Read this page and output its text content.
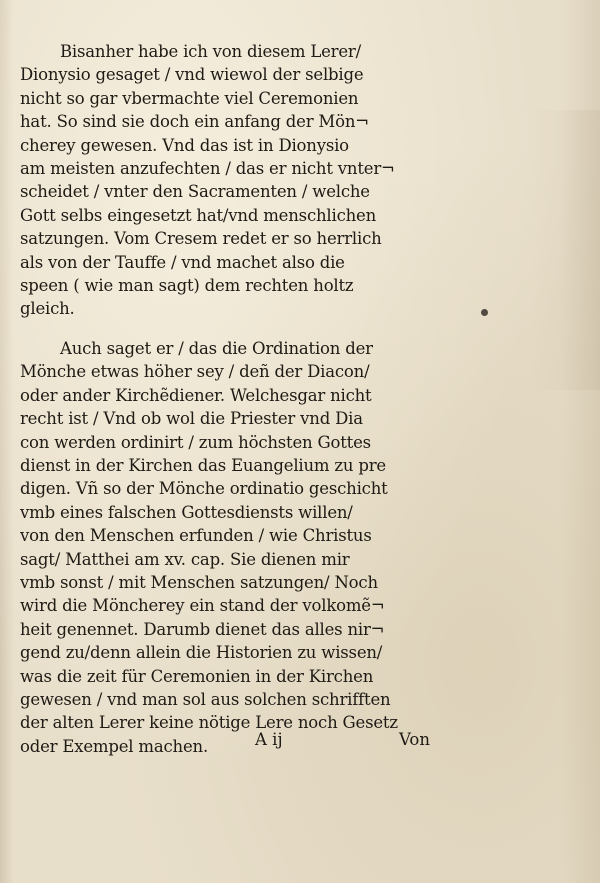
Bisanher habe ich von diesem Lerer/
Dionysio gesaget / vnd wiewol der selbige
nicht so gar vbermachte viel Ceremonien
hat. So sind sie doch ein anfang der Mön¬
cherey gewesen. Vnd das ist in Dionysio
am meisten anzufechten / das er nicht vnter¬
scheidet / vnter den Sacramenten / welche
Gott selbs eingesetzt hat/vnd menschlichen
satzungen. Vom Cresem redet er so herrlich
als von der Tauffe / vnd machet also die
speen ( wie man sagt) dem rechten holtz
gleich.
Auch saget er / das die Ordination der
Mönche etwas höher sey / deñ der Diacon/
oder ander Kirchẽdiener. Welchesgar nicht
recht ist / Vnd ob wol die Priester vnd Dia
con werden ordinirt / zum höchsten Gottes
dienst in der Kirchen das Euangelium zu pre
digen. Vñ so der Mönche ordinatio geschicht
vmb eines falschen Gottesdiensts willen/
von den Menschen erfunden / wie Christus
sagt/ Matthei am xv. cap. Sie dienen mir
vmb sonst / mit Menschen satzungen/ Noch
wird die Möncherey ein stand der volkomẽ¬
heit genennet. Darumb dienet das alles nir¬
gend zu/denn allein die Historien zu wissen/
was die zeit für Ceremonien in der Kirchen
gewesen / vnd man sol aus solchen schrifften
der alten Lerer keine nötige Lere noch Gesetz
oder Exempel machen.	A ij	Von
